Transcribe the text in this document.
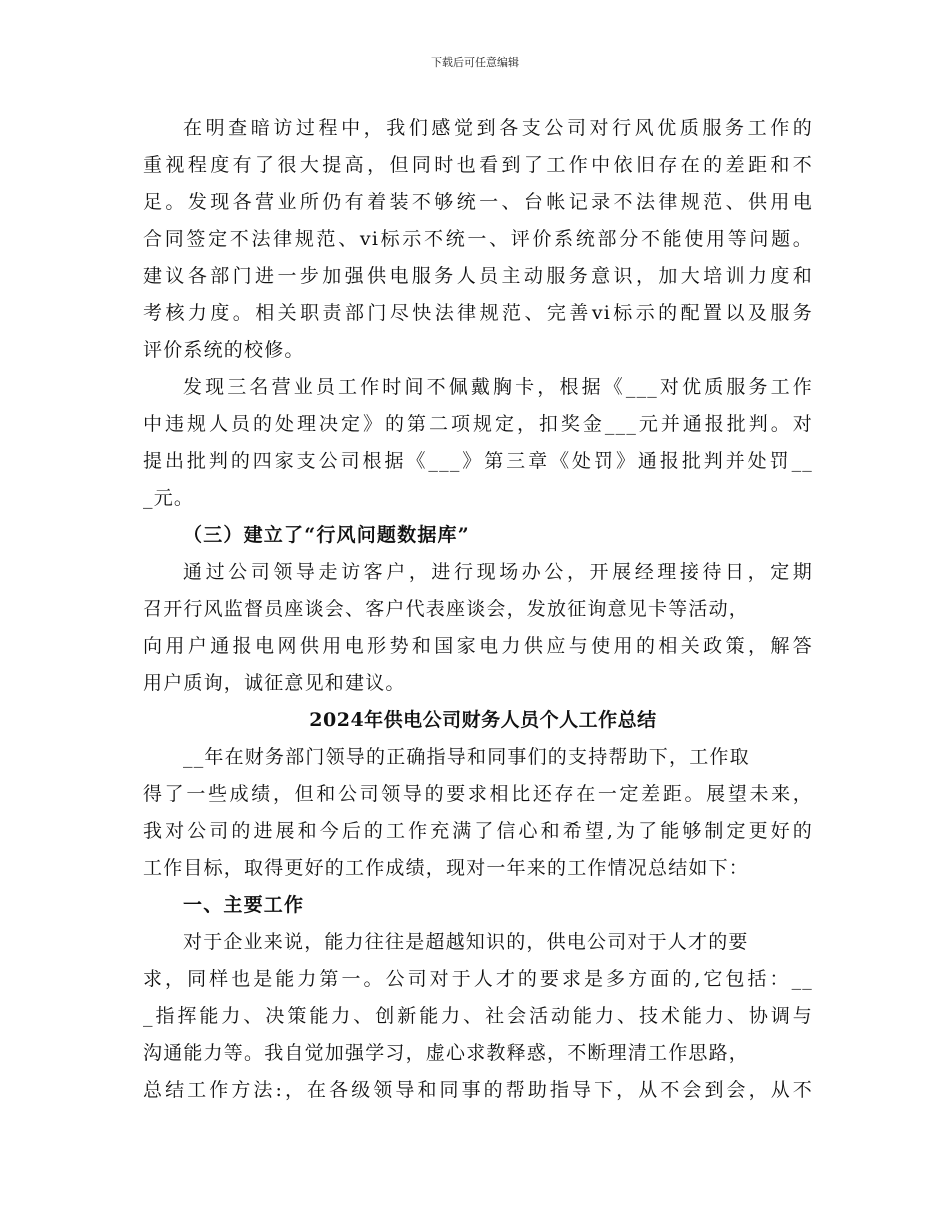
下载后可任意编辑
在明查暗访过程中，我们感觉到各支公司对行风优质服务工作的
重视程度有了很大提高，但同时也看到了工作中依旧存在的差距和不
足。发现各营业所仍有着装不够统一、台帐记录不法律规范、供用电
合同签定不法律规范、vi标示不统一、评价系统部分不能使用等问题。
建议各部门进一步加强供电服务人员主动服务意识，加大培训力度和
考核力度。相关职责部门尽快法律规范、完善vi标示的配置以及服务
评价系统的校修。
发现三名营业员工作时间不佩戴胸卡，根据《___对优质服务工作
中违规人员的处理决定》的第二项规定，扣奖金___元并通报批判。对
提出批判的四家支公司根据《___》第三章《处罚》通报批判并处罚__
_元。
（三）建立了“行风问题数据库”
通过公司领导走访客户，进行现场办公，开展经理接待日，定期
召开行风监督员座谈会、客户代表座谈会，发放征询意见卡等活动，
向用户通报电网供用电形势和国家电力供应与使用的相关政策，解答
用户质询，诚征意见和建议。
2024年供电公司财务人员个人工作总结
__年在财务部门领导的正确指导和同事们的支持帮助下，工作取
得了一些成绩，但和公司领导的要求相比还存在一定差距。展望未来，
我对公司的进展和今后的工作充满了信心和希望,为了能够制定更好的
工作目标，取得更好的工作成绩，现对一年来的工作情况总结如下：
一、主要工作
对于企业来说，能力往往是超越知识的，供电公司对于人才的要
求，同样也是能力第一。公司对于人才的要求是多方面的,它包括：__
_指挥能力、决策能力、创新能力、社会活动能力、技术能力、协调与
沟通能力等。我自觉加强学习，虚心求教释惑，不断理清工作思路，
总结工作方法:，在各级领导和同事的帮助指导下，从不会到会，从不
